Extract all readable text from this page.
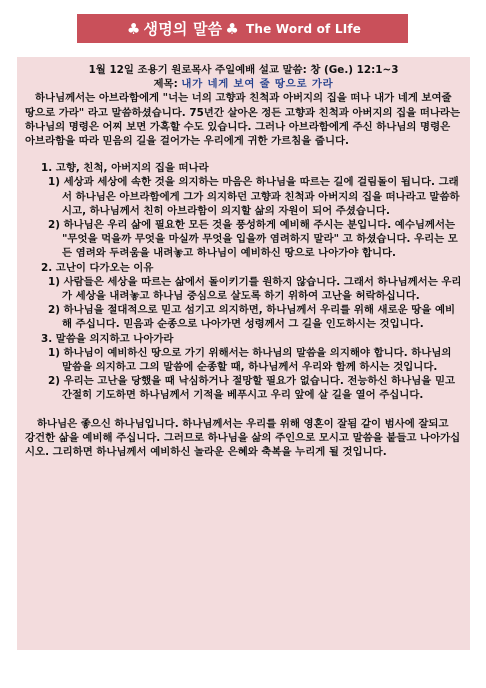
♣ 생명의 말씀 ♣ The Word of LIfe

1월 12일 조용기 원로목사 주일예배 설교 말씀: 창 (Ge.) 12:1~3

제목: 내가 네게 보여 줄 땅으로 가라

하나님께서는 아브라함에게 "너는 너의 고향과 친척과 아버지의 집을 떠나 내가 네게 보여줄 땅으로 가라" 라고 말씀하셨습니다. 75년간 살아온 정든 고향과 친척과 아버지의 집을 떠나라는 하나님의 명령은 어찌 보면 가혹할 수도 있습니다. 그러나 아브라함에게 주신 하나님의 명령은 아브라함을 따라 믿음의 길을 걸어가는 우리에게 귀한 가르침을 줍니다.

1. 고향, 친척, 아버지의 집을 떠나라

1) 세상과 세상에 속한 것을 의지하는 마음은 하나님을 따르는 길에 걸림돌이 됩니다. 그래서 하나님은 아브라함에게 그가 의지하던 고향과 친척과 아버지의 집을 떠나라고 말씀하시고, 하나님께서 친히 아브라함이 의지할 삶의 자원이 되어 주셨습니다.

2) 하나님은 우리 삶에 필요한 모든 것을 풍성하게 예비해 주시는 분입니다. 예수님께서는 "무엇을 먹을까 무엇을 마실까 무엇을 입을까 염려하지 말라" 고 하셨습니다. 우리는 모든 염려와 두려움을 내려놓고 하나님이 예비하신 땅으로 나아가야 합니다.

2. 고난이 다가오는 이유

1) 사람들은 세상을 따르는 삶에서 돌이키기를 원하지 않습니다. 그래서 하나님께서는 우리가 세상을 내려놓고 하나님 중심으로 살도록 하기 위하여 고난을 허락하십니다.

2) 하나님을 절대적으로 믿고 섬기고 의지하면, 하나님께서 우리를 위해 새로운 땅을 예비해 주십니다. 믿음과 순종으로 나아가면 성령께서 그 길을 인도하시는 것입니다.

3. 말씀을 의지하고 나아가라

1) 하나님이 예비하신 땅으로 가기 위해서는 하나님의 말씀을 의지해야 합니다. 하나님의 말씀을 의지하고 그의 말씀에 순종할 때, 하나님께서 우리와 함께 하시는 것입니다.

2) 우리는 고난을 당했을 때 낙심하거나 절망할 필요가 없습니다. 전능하신 하나님을 믿고 간절히 기도하면 하나님께서 기적을 베푸시고 우리 앞에 살 길을 열어 주십니다.

하나님은 좋으신 하나님입니다. 하나님께서는 우리를 위해 영혼이 잘됨 같이 범사에 잘되고 강건한 삶을 예비해 주십니다. 그러므로 하나님을 삶의 주인으로 모시고 말씀을 붙들고 나아가십시오. 그리하면 하나님께서 예비하신 놀라운 은혜와 축복을 누리게 될 것입니다.
